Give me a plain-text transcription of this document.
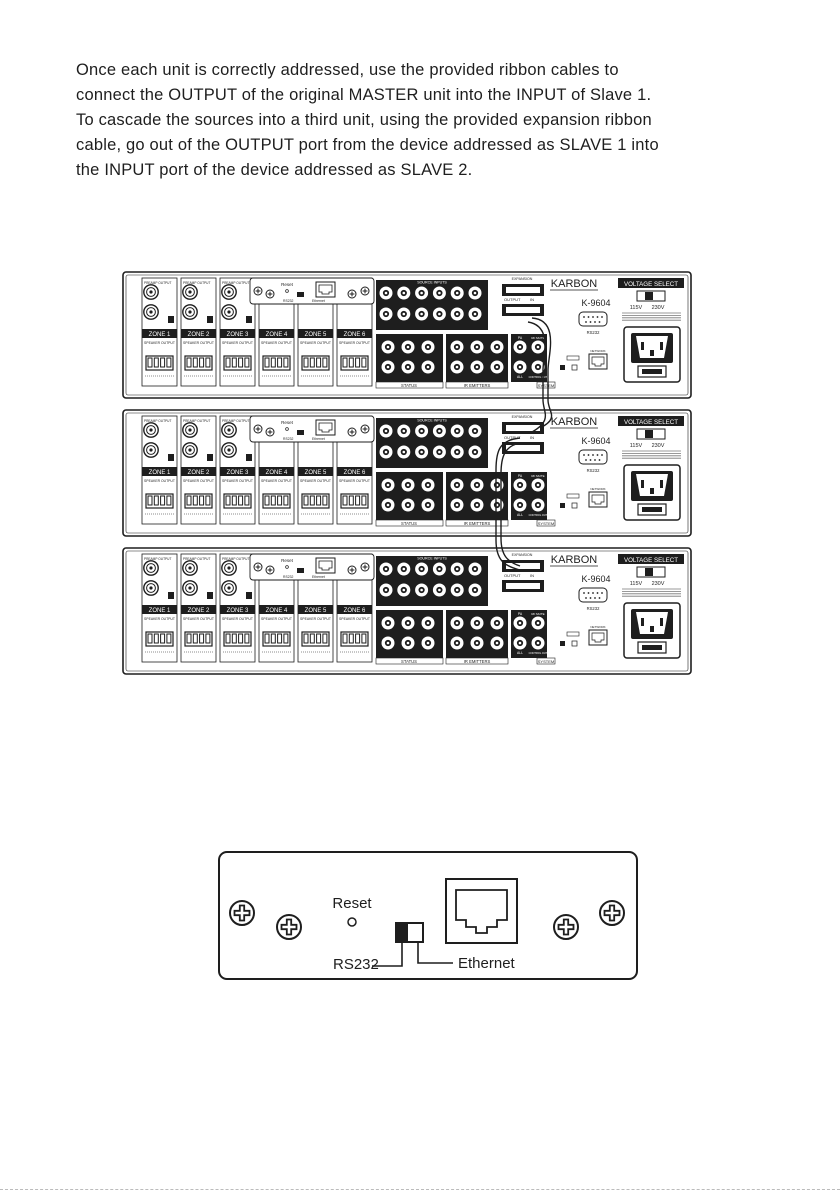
Once each unit is correctly addressed, use the provided ribbon cables to

connect the OUTPUT of the original MASTER unit into the INPUT of Slave 1.

To cascade the sources into a third unit, using the provided expansion ribbon

cable, go out of the OUTPUT port from the device addressed as SLAVE 1 into

the INPUT port of the device addressed as SLAVE 2.

PREAMP OUTPUT
ZONE 1
SPEAKER OUTPUT
PREAMP OUTPUT
ZONE 2
SPEAKER OUTPUT
PREAMP OUTPUT
ZONE 3
SPEAKER OUTPUT
ZONE 4
SPEAKER OUTPUT
ZONE 5
SPEAKER OUTPUT
ZONE 6
SPEAKER OUTPUT
Reset
RS232	Ethernet
SOURCE INPUTS
EXPANSION
OUTPUT IN
PA	RF MUTE
ALL CONTROL OUT
STATUS	IR EMITTERS	SYSTEM
KARBON
K-9604
RS232
NETWORK
VOLTAGE SELECT
115V 230V
PREAMP OUTPUT
ZONE 1
SPEAKER OUTPUT
PREAMP OUTPUT
ZONE 2
SPEAKER OUTPUT
PREAMP OUTPUT
ZONE 3
SPEAKER OUTPUT
ZONE 4
SPEAKER OUTPUT
ZONE 5
SPEAKER OUTPUT
ZONE 6
SPEAKER OUTPUT
Reset
RS232	Ethernet
SOURCE INPUTS
EXPANSION
OUTPUT IN
PA	RF MUTE
ALL CONTROL OUT
STATUS	IR EMITTERS	SYSTEM
KARBON
K-9604
RS232
NETWORK
VOLTAGE SELECT
115V 230V
PREAMP OUTPUT
ZONE 1
SPEAKER OUTPUT
PREAMP OUTPUT
ZONE 2
SPEAKER OUTPUT
PREAMP OUTPUT
ZONE 3
SPEAKER OUTPUT
ZONE 4
SPEAKER OUTPUT
ZONE 5
SPEAKER OUTPUT
ZONE 6
SPEAKER OUTPUT
Reset
RS232	Ethernet
SOURCE INPUTS
EXPANSION
OUTPUT IN
PA	RF MUTE
ALL CONTROL OUT
STATUS	IR EMITTERS	SYSTEM
KARBON
K-9604
RS232
NETWORK
VOLTAGE SELECT
115V 230V
Reset
RS232	Ethernet
